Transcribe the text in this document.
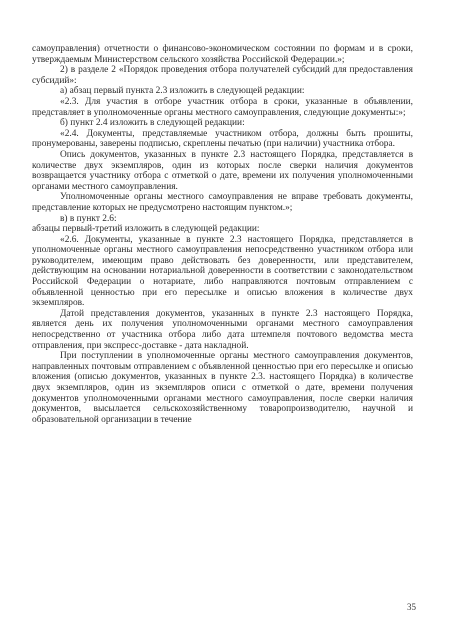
самоуправления) отчетности о финансово-экономическом состоянии по формам и в сроки, утверждаемым Министерством сельского хозяйства Российской Федерации.»;

2) в разделе 2 «Порядок проведения отбора получателей субсидий для предоставления субсидий»:

а) абзац первый пункта 2.3 изложить в следующей редакции:

«2.3. Для участия в отборе участник отбора в сроки, указанные в объявлении, представляет в уполномоченные органы местного самоуправления, следующие документы:»;

б) пункт 2.4 изложить в следующей редакции:

«2.4. Документы, представляемые участником отбора, должны быть прошиты, пронумерованы, заверены подписью, скреплены печатью (при наличии) участника отбора.

Опись документов, указанных в пункте 2.3 настоящего Порядка, представляется в количестве двух экземпляров, один из которых после сверки наличия документов возвращается участнику отбора с отметкой о дате, времени их получения уполномоченными органами местного самоуправления.

Уполномоченные органы местного самоуправления не вправе требовать документы, представление которых не предусмотрено настоящим пунктом.»;

в) в пункт 2.6:

абзацы первый-третий изложить в следующей редакции:

«2.6. Документы, указанные в пункте 2.3 настоящего Порядка, представляется в уполномоченные органы местного самоуправления непосредственно участником отбора или руководителем, имеющим право действовать без доверенности, или представителем, действующим на основании нотариальной доверенности в соответствии с законодательством Российской Федерации о нотариате, либо направляются почтовым отправлением с объявленной ценностью при его пересылке и описью вложения в количестве двух экземпляров.

Датой представления документов, указанных в пункте 2.3 настоящего Порядка, является день их получения уполномоченными органами местного самоуправления непосредственно от участника отбора либо дата штемпеля почтового ведомства места отправления, при экспресс-доставке - дата накладной.

При поступлении в уполномоченные органы местного самоуправления документов, направленных почтовым отправлением с объявленной ценностью при его пересылке и описью вложения (описью документов, указанных в пункте 2.3. настоящего Порядка) в количестве двух экземпляров, один из экземпляров описи с отметкой о дате, времени получения документов уполномоченными органами местного самоуправления, после сверки наличия документов, высылается сельскохозяйственному товаропроизводителю, научной и образовательной организации в течение

35
